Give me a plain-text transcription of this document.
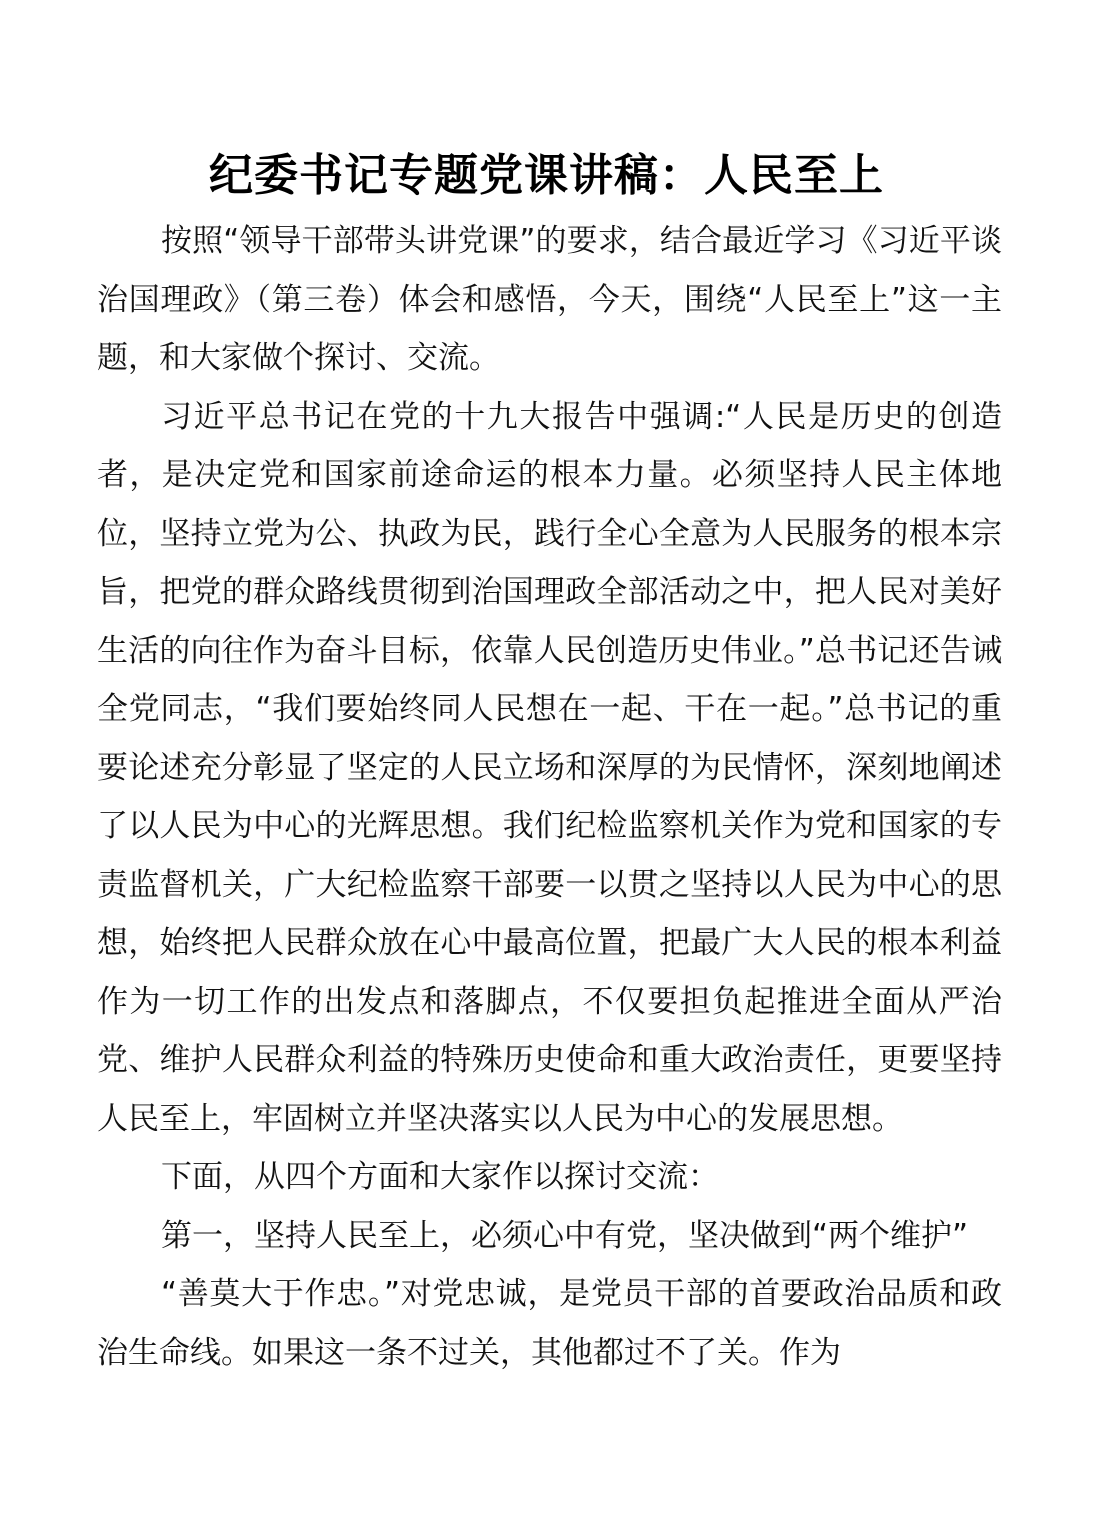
纪委书记专题党课讲稿：人民至上

按照“领导干部带头讲党课”的要求，结合最近学习《习近平谈治国理政》（第三卷）体会和感悟，今天，围绕“人民至上”这一主题，和大家做个探讨、交流。

习近平总书记在党的十九大报告中强调:“人民是历史的创造者，是决定党和国家前途命运的根本力量。必须坚持人民主体地位，坚持立党为公、执政为民，践行全心全意为人民服务的根本宗旨，把党的群众路线贯彻到治国理政全部活动之中，把人民对美好生活的向往作为奋斗目标，依靠人民创造历史伟业。”总书记还告诫全党同志，“我们要始终同人民想在一起、干在一起。”总书记的重要论述充分彰显了坚定的人民立场和深厚的为民情怀，深刻地阐述了以人民为中心的光辉思想。我们纪检监察机关作为党和国家的专责监督机关，广大纪检监察干部要一以贯之坚持以人民为中心的思想，始终把人民群众放在心中最高位置，把最广大人民的根本利益作为一切工作的出发点和落脚点，不仅要担负起推进全面从严治党、维护人民群众利益的特殊历史使命和重大政治责任，更要坚持人民至上，牢固树立并坚决落实以人民为中心的发展思想。

下面，从四个方面和大家作以探讨交流：

第一，坚持人民至上，必须心中有党，坚决做到“两个维护”

“善莫大于作忠。”对党忠诚，是党员干部的首要政治品质和政治生命线。如果这一条不过关，其他都过不了关。作为
